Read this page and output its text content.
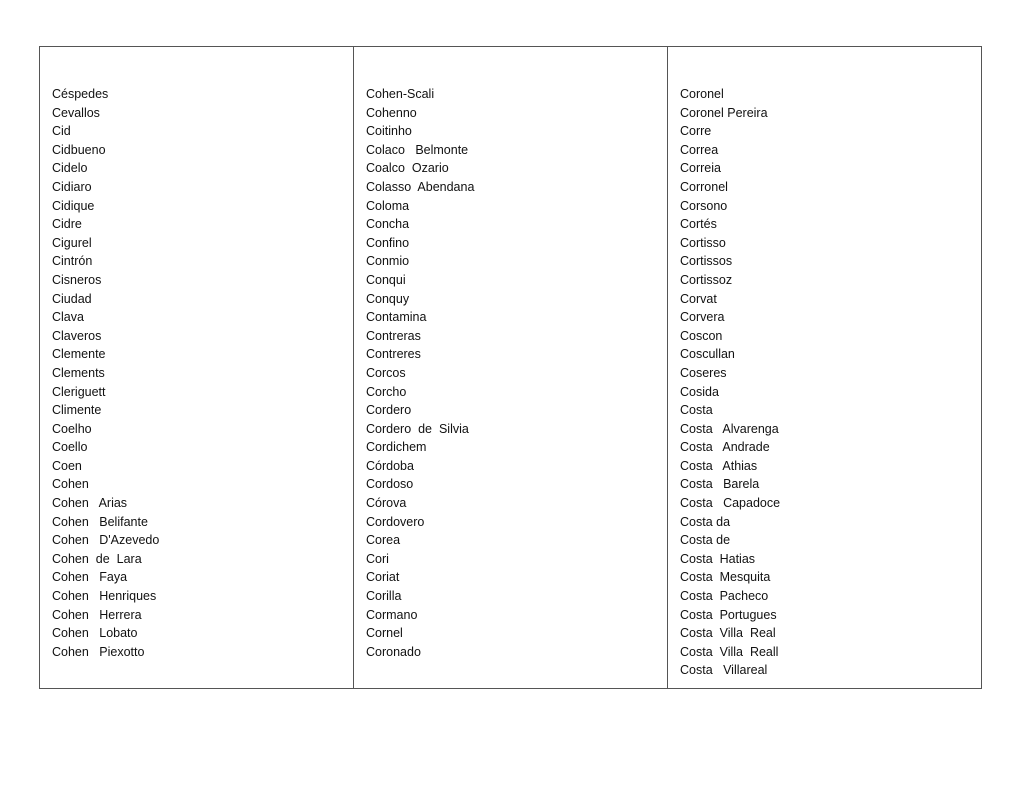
Céspedes
Cevallos
Cid
Cidbueno
Cidelo
Cidiaro
Cidique
Cidre
Cigurel
Cintrón
Cisneros
Ciudad
Clava
Claveros
Clemente
Clements
Cleriguett
Climente
Coelho
Coello
Coen
Cohen
Cohen   Arias
Cohen   Belifante
Cohen   D'Azevedo
Cohen  de  Lara
Cohen   Faya
Cohen   Henriques
Cohen   Herrera
Cohen   Lobato
Cohen   Piexotto

Cohen-Scali
Cohenno
Coitinho
Colaco   Belmonte
Coalco  Ozario
Colasso  Abendana
Coloma
Concha
Confino
Conmio
Conqui
Conquy
Contamina
Contreras
Contreres
Corcos
Corcho
Cordero
Cordero  de  Silvia
Cordichem
Córdoba
Cordoso
Córova
Cordovero
Corea
Cori
Coriat
Corilla
Cormano
Cornel
Coronado

Coronel
Coronel Pereira
Corre
Correa
Correia
Corronel
Corsono
Cortés
Cortisso
Cortissos
Cortissoz
Corvat
Corvera
Coscon
Coscullan
Coseres
Cosida
Costa
Costa   Alvarenga
Costa   Andrade
Costa   Athias
Costa   Barela
Costa   Capadoce
Costa da
Costa de
Costa  Hatias
Costa  Mesquita
Costa  Pacheco
Costa  Portugues
Costa  Villa  Real
Costa  Villa  Reall
Costa   Villareal
